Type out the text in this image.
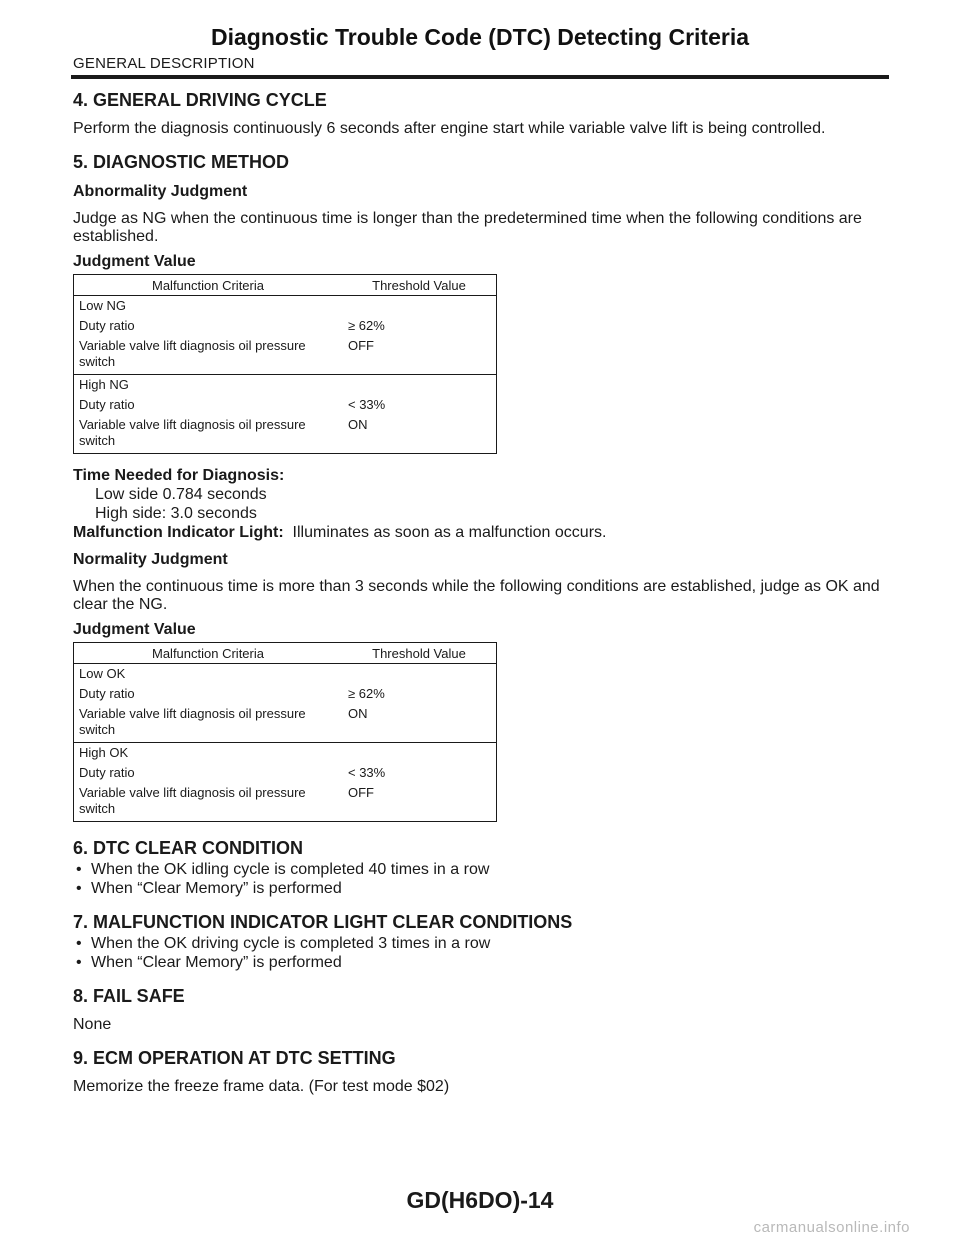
Diagnostic Trouble Code (DTC) Detecting Criteria
GENERAL DESCRIPTION
4. GENERAL DRIVING CYCLE

Perform the diagnosis continuously 6 seconds after engine start while variable valve lift is being controlled.

5. DIAGNOSTIC METHOD
Abnormality Judgment

Judge as NG when the continuous time is longer than the predetermined time when the following conditions are established.

Judgment Value
Malfunction Criteria	Threshold Value
Low NG	
Duty ratio	≥ 62%
Variable valve lift diagnosis oil pressure switch	OFF
High NG	
Duty ratio	< 33%
Variable valve lift diagnosis oil pressure switch	ON
Time Needed for Diagnosis:
Low side 0.784 seconds
High side: 3.0 seconds
Malfunction Indicator Light: Illuminates as soon as a malfunction occurs.
Normality Judgment

When the continuous time is more than 3 seconds while the following conditions are established, judge as OK and clear the NG.

Judgment Value
Malfunction Criteria	Threshold Value
Low OK	
Duty ratio	≥ 62%
Variable valve lift diagnosis oil pressure switch	ON
High OK	
Duty ratio	< 33%
Variable valve lift diagnosis oil pressure switch	OFF
6. DTC CLEAR CONDITION
• When the OK idling cycle is completed 40 times in a row
• When “Clear Memory” is performed
7. MALFUNCTION INDICATOR LIGHT CLEAR CONDITIONS
• When the OK driving cycle is completed 3 times in a row
• When “Clear Memory” is performed
8. FAIL SAFE

None

9. ECM OPERATION AT DTC SETTING

Memorize the freeze frame data. (For test mode $02)

GD(H6DO)-14
carmanualsonline.info
